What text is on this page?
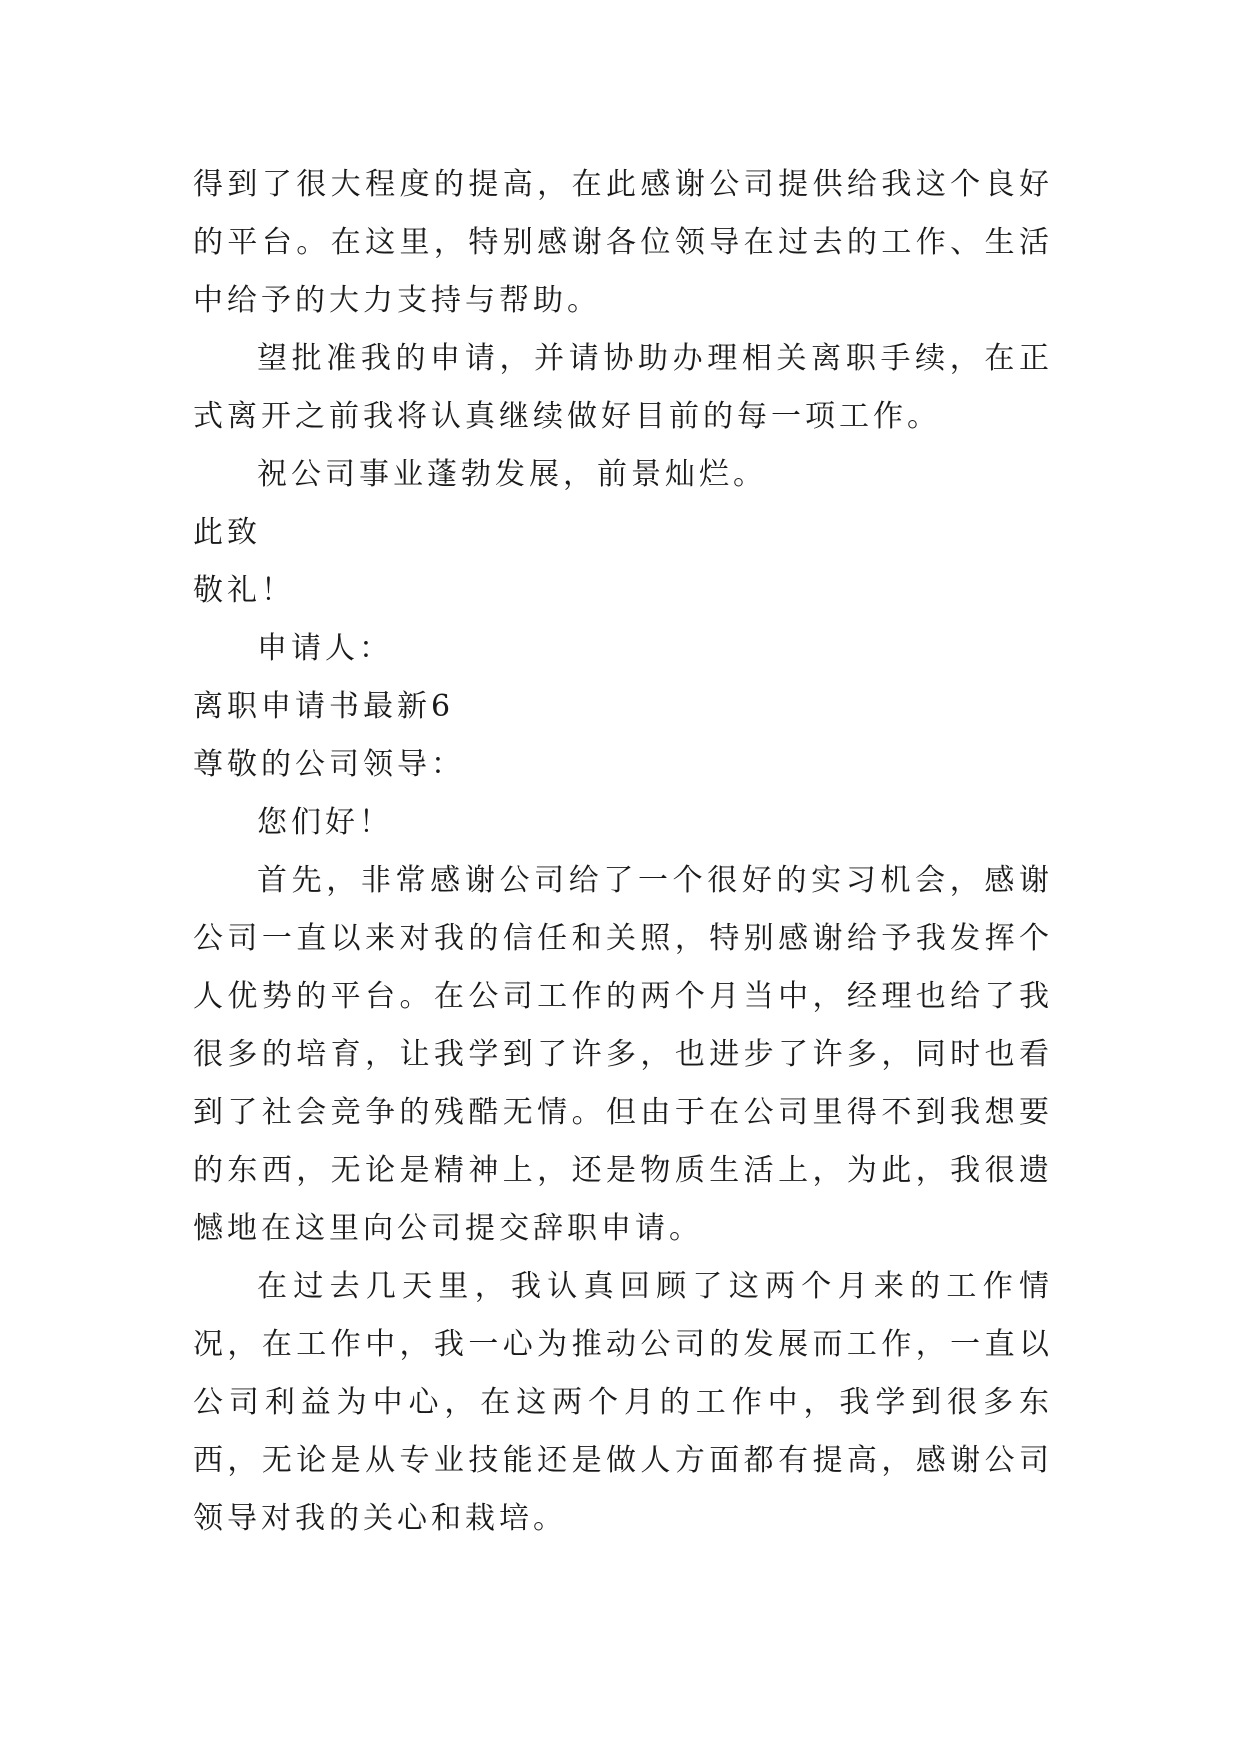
得到了很大程度的提高，在此感谢公司提供给我这个良好的平台。在这里，特别感谢各位领导在过去的工作、生活中给予的大力支持与帮助。

望批准我的申请，并请协助办理相关离职手续，在正式离开之前我将认真继续做好目前的每一项工作。

祝公司事业蓬勃发展，前景灿烂。

此致

敬礼！

申请人：

离职申请书最新6

尊敬的公司领导：

您们好！

首先，非常感谢公司给了一个很好的实习机会，感谢公司一直以来对我的信任和关照，特别感谢给予我发挥个人优势的平台。在公司工作的两个月当中，经理也给了我很多的培育，让我学到了许多，也进步了许多，同时也看到了社会竞争的残酷无情。但由于在公司里得不到我想要的东西，无论是精神上，还是物质生活上，为此，我很遗憾地在这里向公司提交辞职申请。

在过去几天里，我认真回顾了这两个月来的工作情况，在工作中，我一心为推动公司的发展而工作，一直以公司利益为中心，在这两个月的工作中，我学到很多东西，无论是从专业技能还是做人方面都有提高，感谢公司领导对我的关心和栽培。
